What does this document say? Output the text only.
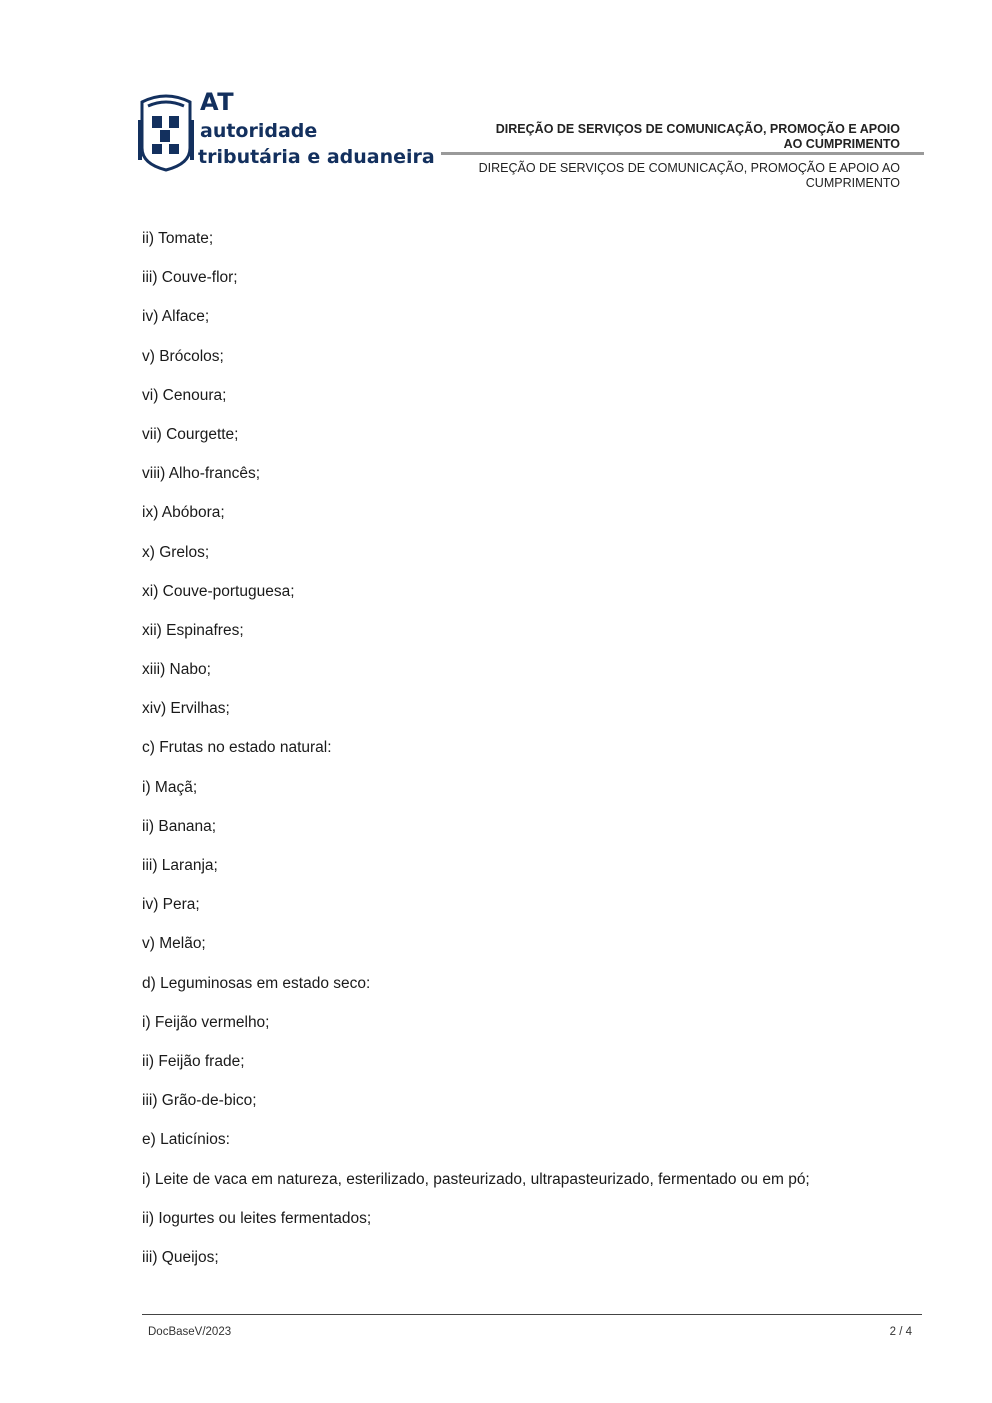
AT
autoridade
tributária e aduaneira
DIREÇÃO DE SERVIÇOS DE COMUNICAÇÃO, PROMOÇÃO E APOIO AO CUMPRIMENTO
DIREÇÃO DE SERVIÇOS DE COMUNICAÇÃO, PROMOÇÃO E APOIO AO CUMPRIMENTO
ii) Tomate;
iii) Couve-flor;
iv) Alface;
v) Brócolos;
vi) Cenoura;
vii) Courgette;
viii) Alho-francês;
ix) Abóbora;
x) Grelos;
xi) Couve-portuguesa;
xii) Espinafres;
xiii) Nabo;
xiv) Ervilhas;
c) Frutas no estado natural:
i) Maçã;
ii) Banana;
iii) Laranja;
iv) Pera;
v) Melão;
d) Leguminosas em estado seco:
i) Feijão vermelho;
ii) Feijão frade;
iii) Grão-de-bico;
e) Laticínios:
i) Leite de vaca em natureza, esterilizado, pasteurizado, ultrapasteurizado, fermentado ou em pó;
ii) Iogurtes ou leites fermentados;
iii) Queijos;
DocBaseV/2023	2 / 4
